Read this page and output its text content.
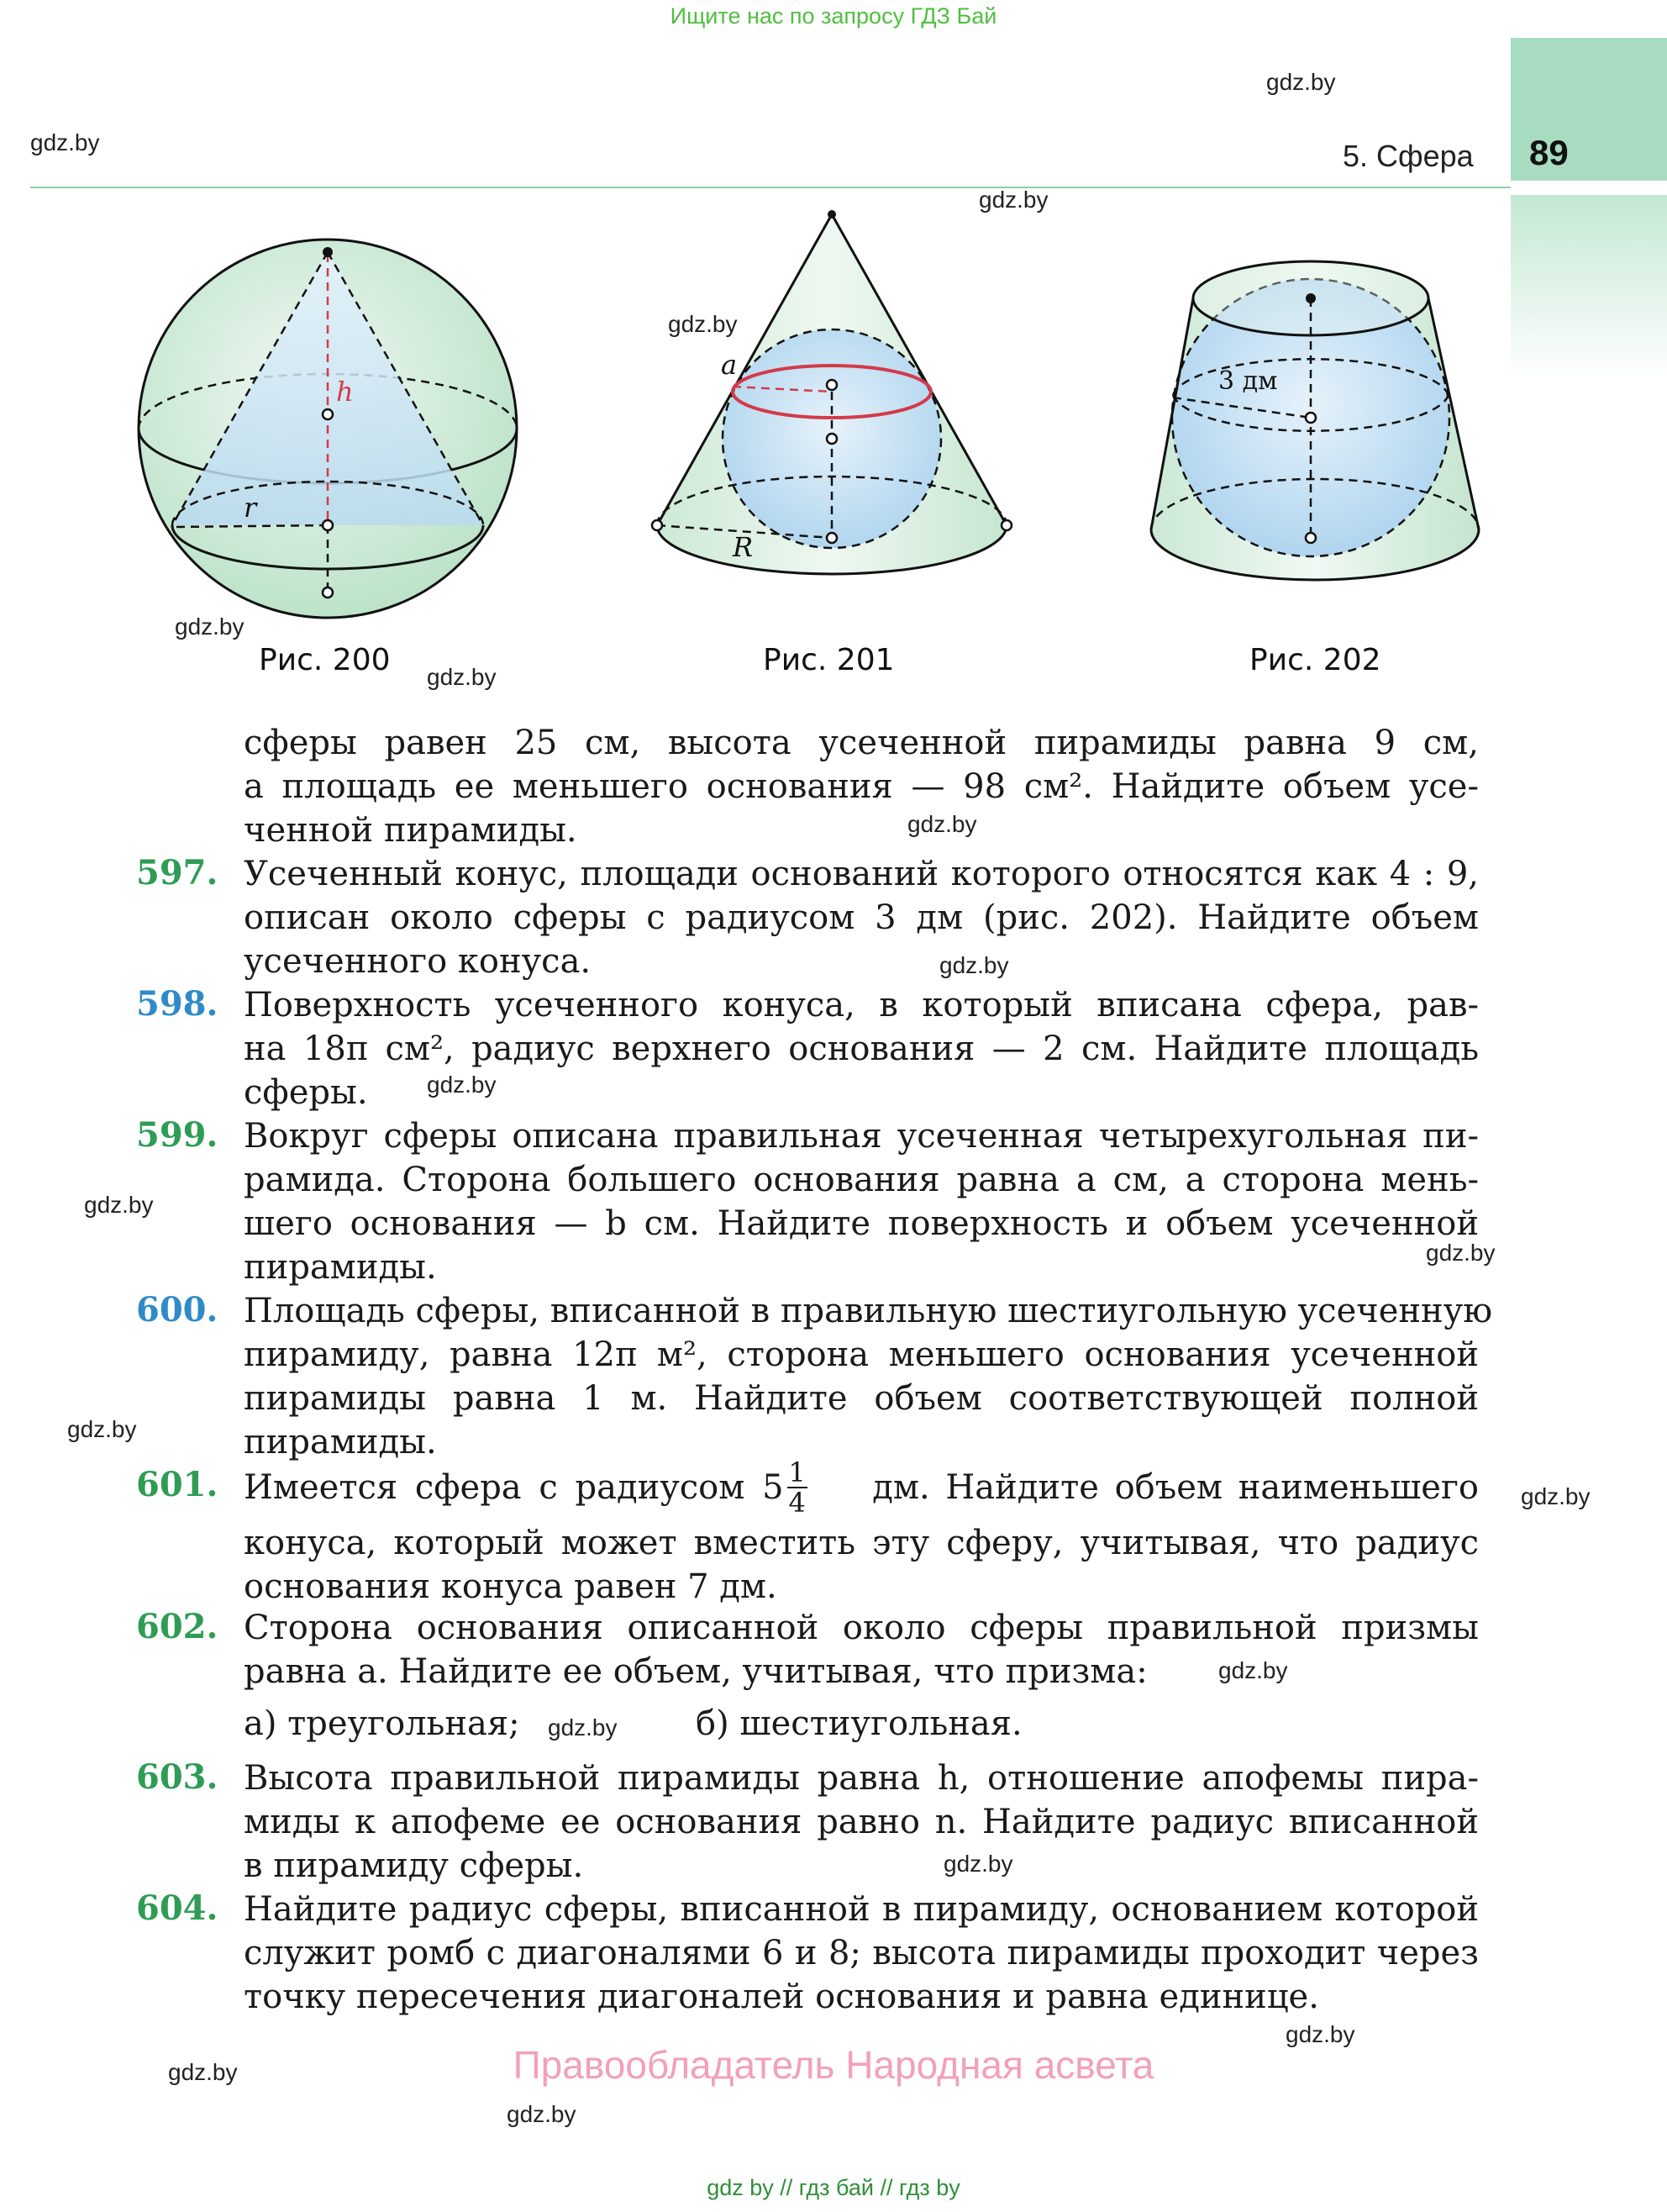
Ищите нас по запросу ГДЗ Бай
5. Сфера 89
gdz.by
gdz.by
gdz.by
gdz.by
gdz.by
gdz.by
gdz.by
gdz.by
gdz.by
gdz.by
gdz.by
gdz.by
gdz.by
gdz.by
gdz.by
gdz.by
gdz.by
gdz.by
gdz.by
h
r
Рис. 200
a
R
Рис. 201
3 дм
Рис. 202
сферы равен 25 см, высота усеченной пирамиды равна 9 см,
а площадь ее меньшего основания — 98 см². Найдите объем усе-
ченной пирамиды.
597. Усеченный конус, площади оснований которого относятся как 4 : 9,
описан около сферы с радиусом 3 дм (рис. 202). Найдите объем
усеченного конуса.
598. Поверхность усеченного конуса, в который вписана сфера, рав-
на 18π см², радиус верхнего основания — 2 см. Найдите площадь
сферы.
599. Вокруг сферы описана правильная усеченная четырехугольная пи-
рамида. Сторона большего основания равна a см, а сторона мень-
шего основания — b см. Найдите поверхность и объем усеченной
пирамиды.
600. Площадь сферы, вписанной в правильную шестиугольную усеченную
пирамиду, равна 12π м², сторона меньшего основания усеченной
пирамиды равна 1 м. Найдите объем соответствующей полной
пирамиды.
601. Имеется сфера с радиусом $5 \frac{1}{4}$ дм. Найдите объем наименьшего
конуса, который может вместить эту сферу, учитывая, что радиус
основания конуса равен 7 дм.
602. Сторона основания описанной около сферы правильной призмы
равна a. Найдите ее объем, учитывая, что призма:
а) треугольная;	б) шестиугольная.
603. Высота правильной пирамиды равна h, отношение апофемы пира-
миды к апофеме ее основания равно n. Найдите радиус вписанной
в пирамиду сферы.
604. Найдите радиус сферы, вписанной в пирамиду, основанием которой
служит ромб с диагоналями 6 и 8; высота пирамиды проходит через
точку пересечения диагоналей основания и равна единице.
Правообладатель Народная асвета
gdz by // гдз бай // гдз by
